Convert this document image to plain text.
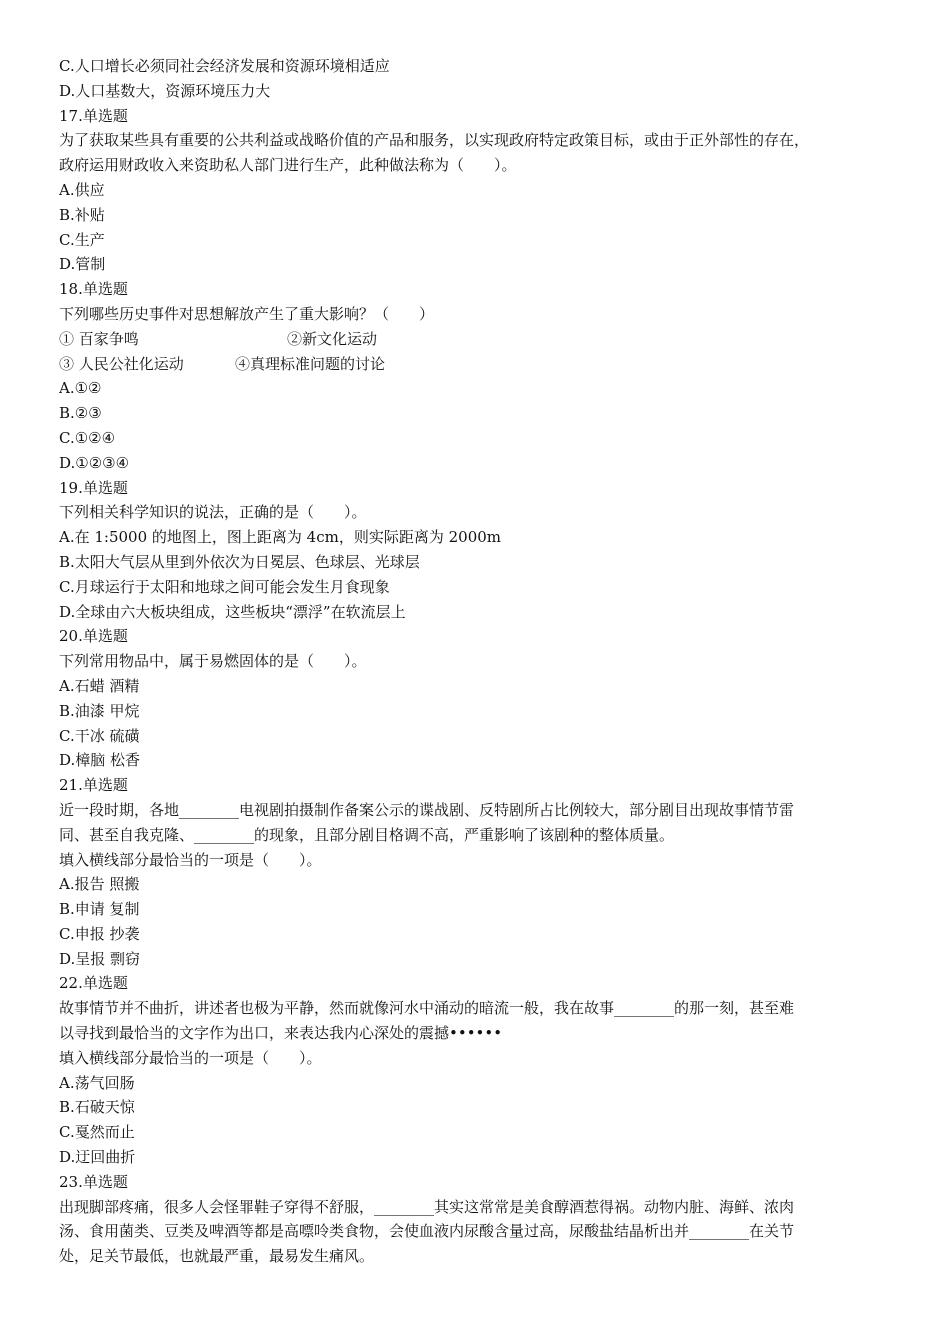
C.人口增长必须同社会经济发展和资源环境相适应
D.人口基数大，资源环境压力大
17.单选题
为了获取某些具有重要的公共利益或战略价值的产品和服务，以实现政府特定政策目标，或由于正外部性的存在，
政府运用财政收入来资助私人部门进行生产，此种做法称为（　　）。
A.供应
B.补贴
C.生产
D.管制
18.单选题
下列哪些历史事件对思想解放产生了重大影响？（　　）
① 百家争鸣	②新文化运动
③ 人民公社化运动	④真理标准问题的讨论
A.①②
B.②③
C.①②④
D.①②③④
19.单选题
下列相关科学知识的说法，正确的是（　　）。
A.在 1:5000 的地图上，图上距离为 4cm，则实际距离为 2000m
B.太阳大气层从里到外依次为日冕层、色球层、光球层
C.月球运行于太阳和地球之间可能会发生月食现象
D.全球由六大板块组成，这些板块“漂浮”在软流层上
20.单选题
下列常用物品中，属于易燃固体的是（　　）。
A.石蜡 酒精
B.油漆 甲烷
C.干冰 硫磺
D.樟脑 松香
21.单选题
近一段时期，各地________电视剧拍摄制作备案公示的谍战剧、反特剧所占比例较大，部分剧目出现故事情节雷
同、甚至自我克隆、________的现象，且部分剧目格调不高，严重影响了该剧种的整体质量。
填入横线部分最恰当的一项是（　　）。
A.报告 照搬
B.申请 复制
C.申报 抄袭
D.呈报 剽窃
22.单选题
故事情节并不曲折，讲述者也极为平静，然而就像河水中涌动的暗流一般，我在故事________的那一刻，甚至难
以寻找到最恰当的文字作为出口，来表达我内心深处的震撼••••••
填入横线部分最恰当的一项是（　　）。
A.荡气回肠
B.石破天惊
C.戛然而止
D.迂回曲折
23.单选题
出现脚部疼痛，很多人会怪罪鞋子穿得不舒服，________其实这常常是美食醇酒惹得祸。动物内脏、海鲜、浓肉
汤、食用菌类、豆类及啤酒等都是高嘌呤类食物，会使血液内尿酸含量过高，尿酸盐结晶析出并________在关节
处，足关节最低，也就最严重，最易发生痛风。
